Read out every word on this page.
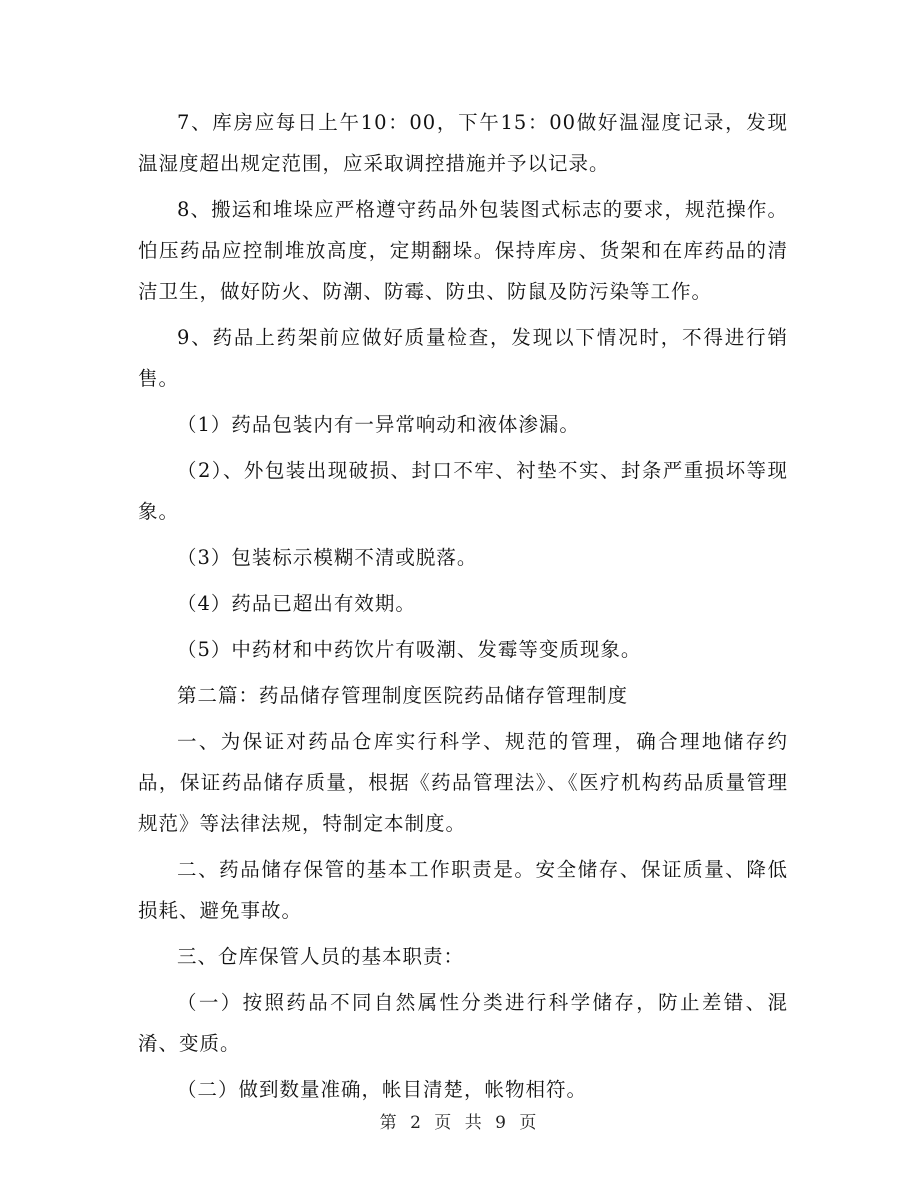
7、库房应每日上午10：00，下午15：00做好温湿度记录，发现温湿度超出规定范围，应采取调控措施并予以记录。

8、搬运和堆垛应严格遵守药品外包装图式标志的要求，规范操作。怕压药品应控制堆放高度，定期翻垛。保持库房、货架和在库药品的清洁卫生，做好防火、防潮、防霉、防虫、防鼠及防污染等工作。

9、药品上药架前应做好质量检查，发现以下情况时，不得进行销售。

（1）药品包装内有一异常响动和液体渗漏。

（2）、外包装出现破损、封口不牢、衬垫不实、封条严重损坏等现象。

（3）包装标示模糊不清或脱落。

（4）药品已超出有效期。

（5）中药材和中药饮片有吸潮、发霉等变质现象。

第二篇：药品储存管理制度医院药品储存管理制度

一、为保证对药品仓库实行科学、规范的管理，确合理地储存约品，保证药品储存质量，根据《药品管理法》、《医疗机构药品质量管理规范》等法律法规，特制定本制度。

二、药品储存保管的基本工作职责是。安全储存、保证质量、降低损耗、避免事故。

三、仓库保管人员的基本职责：

（一）按照药品不同自然属性分类进行科学储存，防止差错、混淆、变质。

（二）做到数量准确，帐目清楚，帐物相符。

第 2 页 共 9 页
